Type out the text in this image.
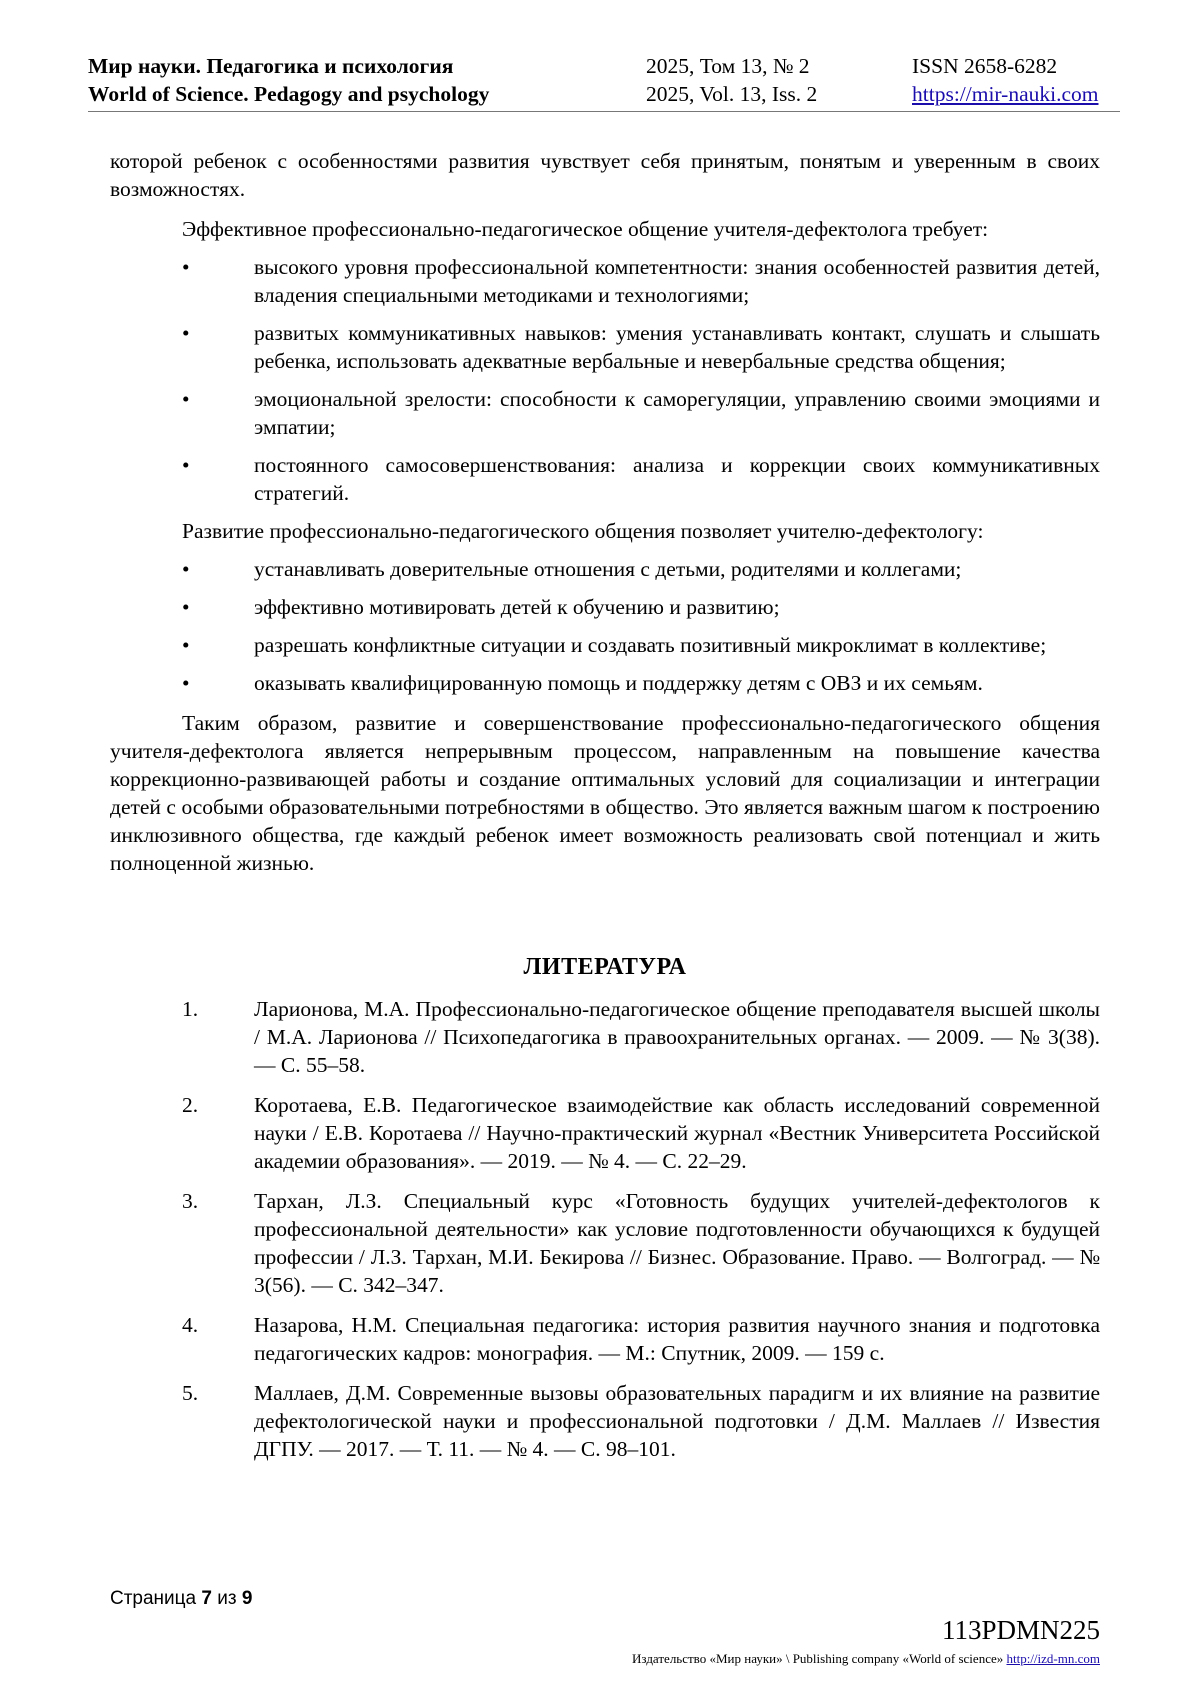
Мир науки. Педагогика и психология
World of Science. Pedagogy and psychology
2025, Том 13, № 2
2025, Vol. 13, Iss. 2
ISSN 2658-6282
https://mir-nauki.com

которой ребенок с особенностями развития чувствует себя принятым, понятым и уверенным в своих возможностях.

Эффективное профессионально-педагогическое общение учителя-дефектолога требует:

•	высокого уровня профессиональной компетентности: знания особенностей развития детей, владения специальными методиками и технологиями;
•	развитых коммуникативных навыков: умения устанавливать контакт, слушать и слышать ребенка, использовать адекватные вербальные и невербальные средства общения;
•	эмоциональной зрелости: способности к саморегуляции, управлению своими эмоциями и эмпатии;
•	постоянного самосовершенствования: анализа и коррекции своих коммуникативных стратегий.

Развитие профессионально-педагогического общения позволяет учителю-дефектологу:

•	устанавливать доверительные отношения с детьми, родителями и коллегами;
•	эффективно мотивировать детей к обучению и развитию;
•	разрешать конфликтные ситуации и создавать позитивный микроклимат в коллективе;
•	оказывать квалифицированную помощь и поддержку детям с ОВЗ и их семьям.

Таким образом, развитие и совершенствование профессионально-педагогического общения учителя-дефектолога является непрерывным процессом, направленным на повышение качества коррекционно-развивающей работы и создание оптимальных условий для социализации и интеграции детей с особыми образовательными потребностями в общество. Это является важным шагом к построению инклюзивного общества, где каждый ребенок имеет возможность реализовать свой потенциал и жить полноценной жизнью.

ЛИТЕРАТУРА
1.	Ларионова, М.А. Профессионально-педагогическое общение преподавателя высшей школы / М.А. Ларионова // Психопедагогика в правоохранительных органах. — 2009. — № 3(38). — С. 55–58.
2.	Коротаева, Е.В. Педагогическое взаимодействие как область исследований современной науки / Е.В. Коротаева // Научно-практический журнал «Вестник Университета Российской академии образования». — 2019. — № 4. — С. 22–29.
3.	Тархан, Л.З. Специальный курс «Готовность будущих учителей-дефектологов к профессиональной деятельности» как условие подготовленности обучающихся к будущей профессии / Л.З. Тархан, М.И. Бекирова // Бизнес. Образование. Право. — Волгоград. — № 3(56). — С. 342–347.
4.	Назарова, Н.М. Специальная педагогика: история развития научного знания и подготовка педагогических кадров: монография. — М.: Спутник, 2009. — 159 с.
5.	Маллаев, Д.М. Современные вызовы образовательных парадигм и их влияние на развитие дефектологической науки и профессиональной подготовки / Д.М. Маллаев // Известия ДГПУ. — 2017. — Т. 11. — № 4. — С. 98–101.
Страница 7 из 9
113PDMN225
Издательство «Мир науки» \ Publishing company «World of science» http://izd-mn.com
